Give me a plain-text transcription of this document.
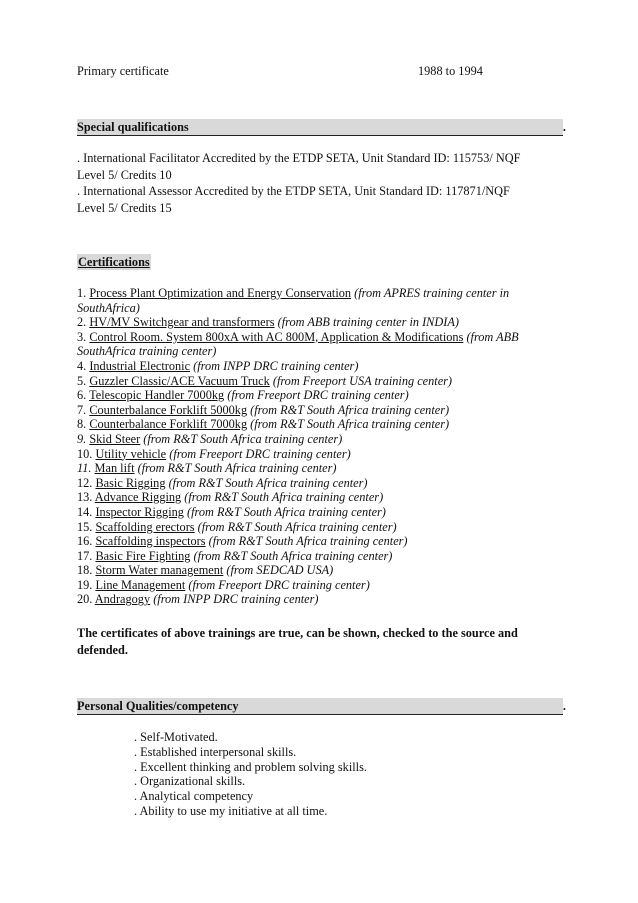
Primary certificate	1988 to 1994
Special qualifications	.
. International Facilitator Accredited by the ETDP SETA, Unit Standard ID: 115753/ NQF
Level 5/ Credits 10
. International Assessor Accredited by the ETDP SETA, Unit Standard ID: 117871/NQF
Level 5/ Credits 15
Certifications
1. Process Plant Optimization and Energy Conservation (from APRES training center in
SouthAfrica)
2. HV/MV Switchgear and transformers (from ABB training center in INDIA)
3. Control Room. System 800xA with AC 800M, Application & Modifications (from ABB
SouthAfrica training center)
4. Industrial Electronic (from INPP DRC training center)
5. Guzzler Classic/ACE Vacuum Truck (from Freeport USA training center)
6. Telescopic Handler 7000kg (from Freeport DRC training center)
7. Counterbalance Forklift 5000kg (from R&T South Africa training center)
8. Counterbalance Forklift 7000kg (from R&T South Africa training center)
9. Skid Steer (from R&T South Africa training center)
10. Utility vehicle (from Freeport DRC training center)
11. Man lift (from R&T South Africa training center)
12. Basic Rigging (from R&T South Africa training center)
13. Advance Rigging (from R&T South Africa training center)
14. Inspector Rigging (from R&T South Africa training center)
15. Scaffolding erectors (from R&T South Africa training center)
16. Scaffolding inspectors (from R&T South Africa training center)
17. Basic Fire Fighting (from R&T South Africa training center)
18. Storm Water management (from SEDCAD USA)
19. Line Management (from Freeport DRC training center)
20. Andragogy (from INPP DRC training center)
The certificates of above trainings are true, can be shown, checked to the source and
defended.
Personal Qualities/competency	.
. Self-Motivated.
. Established interpersonal skills.
. Excellent thinking and problem solving skills.
. Organizational skills.
. Analytical competency
. Ability to use my initiative at all time.
